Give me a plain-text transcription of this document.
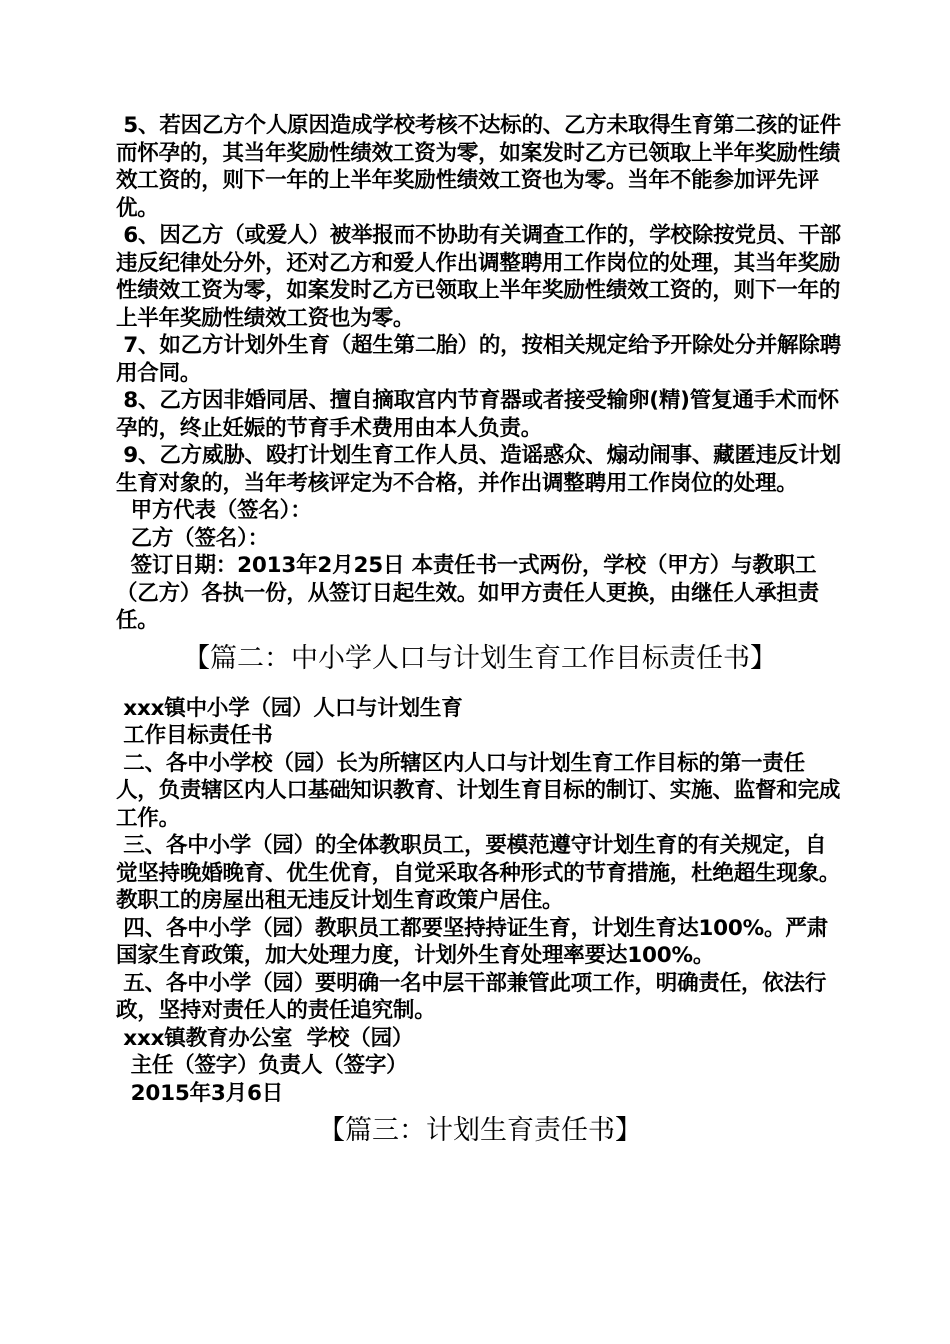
5、若因乙方个人原因造成学校考核不达标的、乙方未取得生育第二孩的证件而怀孕的，其当年奖励性绩效工资为零，如案发时乙方已领取上半年奖励性绩效工资的，则下一年的上半年奖励性绩效工资也为零。当年不能参加评先评优。

6、因乙方（或爱人）被举报而不协助有关调查工作的，学校除按党员、干部违反纪律处分外，还对乙方和爱人作出调整聘用工作岗位的处理，其当年奖励性绩效工资为零，如案发时乙方已领取上半年奖励性绩效工资的，则下一年的上半年奖励性绩效工资也为零。

7、如乙方计划外生育（超生第二胎）的，按相关规定给予开除处分并解除聘用合同。

8、乙方因非婚同居、擅自摘取宫内节育器或者接受输卵(精)管复通手术而怀孕的，终止妊娠的节育手术费用由本人负责。

9、乙方威胁、殴打计划生育工作人员、造谣惑众、煽动闹事、藏匿违反计划生育对象的，当年考核评定为不合格，并作出调整聘用工作岗位的处理。

甲方代表（签名）：

乙方（签名）：

签订日期：2013年2月25日 本责任书一式两份，学校（甲方）与教职工（乙方）各执一份，从签订日起生效。如甲方责任人更换，由继任人承担责任。

【篇二：中小学人口与计划生育工作目标责任书】

xxx镇中小学（园）人口与计划生育

工作目标责任书

二、各中小学校（园）长为所辖区内人口与计划生育工作目标的第一责任人，负责辖区内人口基础知识教育、计划生育目标的制订、实施、监督和完成工作。

三、各中小学（园）的全体教职员工，要模范遵守计划生育的有关规定，自觉坚持晚婚晚育、优生优育，自觉采取各种形式的节育措施，杜绝超生现象。教职工的房屋出租无违反计划生育政策户居住。

四、各中小学（园）教职员工都要坚持持证生育，计划生育达100%。严肃国家生育政策，加大处理力度，计划外生育处理率要达100%。

五、各中小学（园）要明确一名中层干部兼管此项工作，明确责任，依法行政，坚持对责任人的责任追究制。

xxx镇教育办公室  学校（园）

主任（签字）负责人（签字）

2015年3月6日

【篇三：计划生育责任书】
